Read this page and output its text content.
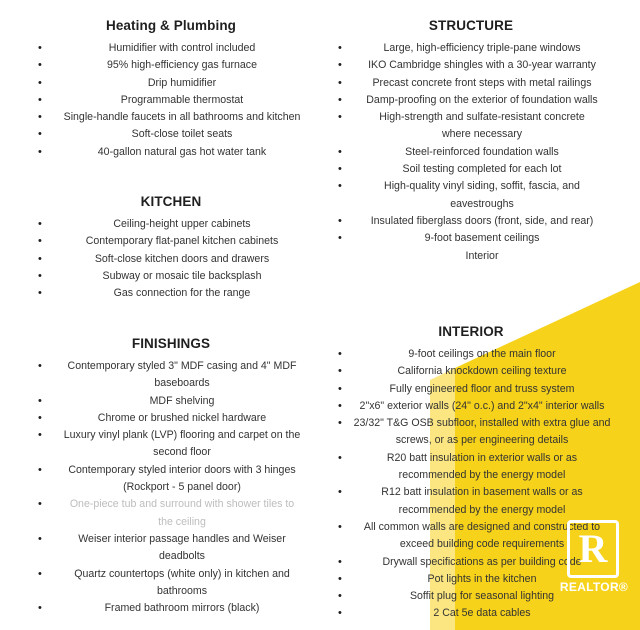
Heating & Plumbing
•	Humidifier with control included
•	95% high-efficiency gas furnace
•	Drip humidifier
•	Programmable thermostat
• Single-handle faucets in all bathrooms and kitchen
•	Soft-close toilet seats
•	40-gallon natural gas hot water tank
KITCHEN
•	Ceiling-height upper cabinets
•	Contemporary flat-panel kitchen cabinets
•	Soft-close kitchen doors and drawers
•	Subway or mosaic tile backsplash
•	Gas connection for the range
FINISHINGS
• Contemporary styled 3" MDF casing and 4" MDF
baseboards
•	MDF shelving
•	Chrome or brushed nickel hardware
• Luxury vinyl plank (LVP) flooring and carpet on the
second floor
• Contemporary styled interior doors with 3 hinges
(Rockport - 5 panel door)
•	One-piece tub and surround with shower tiles to
the ceiling
•	Weiser interior passage handles and Weiser
deadbolts
•	Quartz countertops (white only) in kitchen and
bathrooms
•	Framed bathroom mirrors (black)
STRUCTURE
•	Large, high-efficiency triple-pane windows
• IKO Cambridge shingles with a 30-year warranty
•	Precast concrete front steps with metal railings
• Damp-proofing on the exterior of foundation walls
•	High-strength and sulfate-resistant concrete
where necessary
•	Steel-reinforced foundation walls
•	Soil testing completed for each lot
•	High-quality vinyl siding, soffit, fascia, and
eavestroughs
•	Insulated fiberglass doors (front, side, and rear)
•	9-foot basement ceilings
Interior
INTERIOR
•	9-foot ceilings on the main floor
•	California knockdown ceiling texture
•	Fully engineered floor and truss system
• 2"x6" exterior walls (24" o.c.) and 2"x4" interior walls
• 23/32" T&G OSB subfloor, installed with extra glue and
screws, or as per engineering details
•	R20 batt insulation in exterior walls or as
recommended by the energy model
•	R12 batt insulation in basement walls or as
recommended by the energy model
• All common walls are designed and constructed to
exceed building code requirements
•	Drywall specifications as per building code
•	Pot lights in the kitchen
•	Soffit plug for seasonal lighting
•	2 Cat 5e data cables
R
REALTOR®
